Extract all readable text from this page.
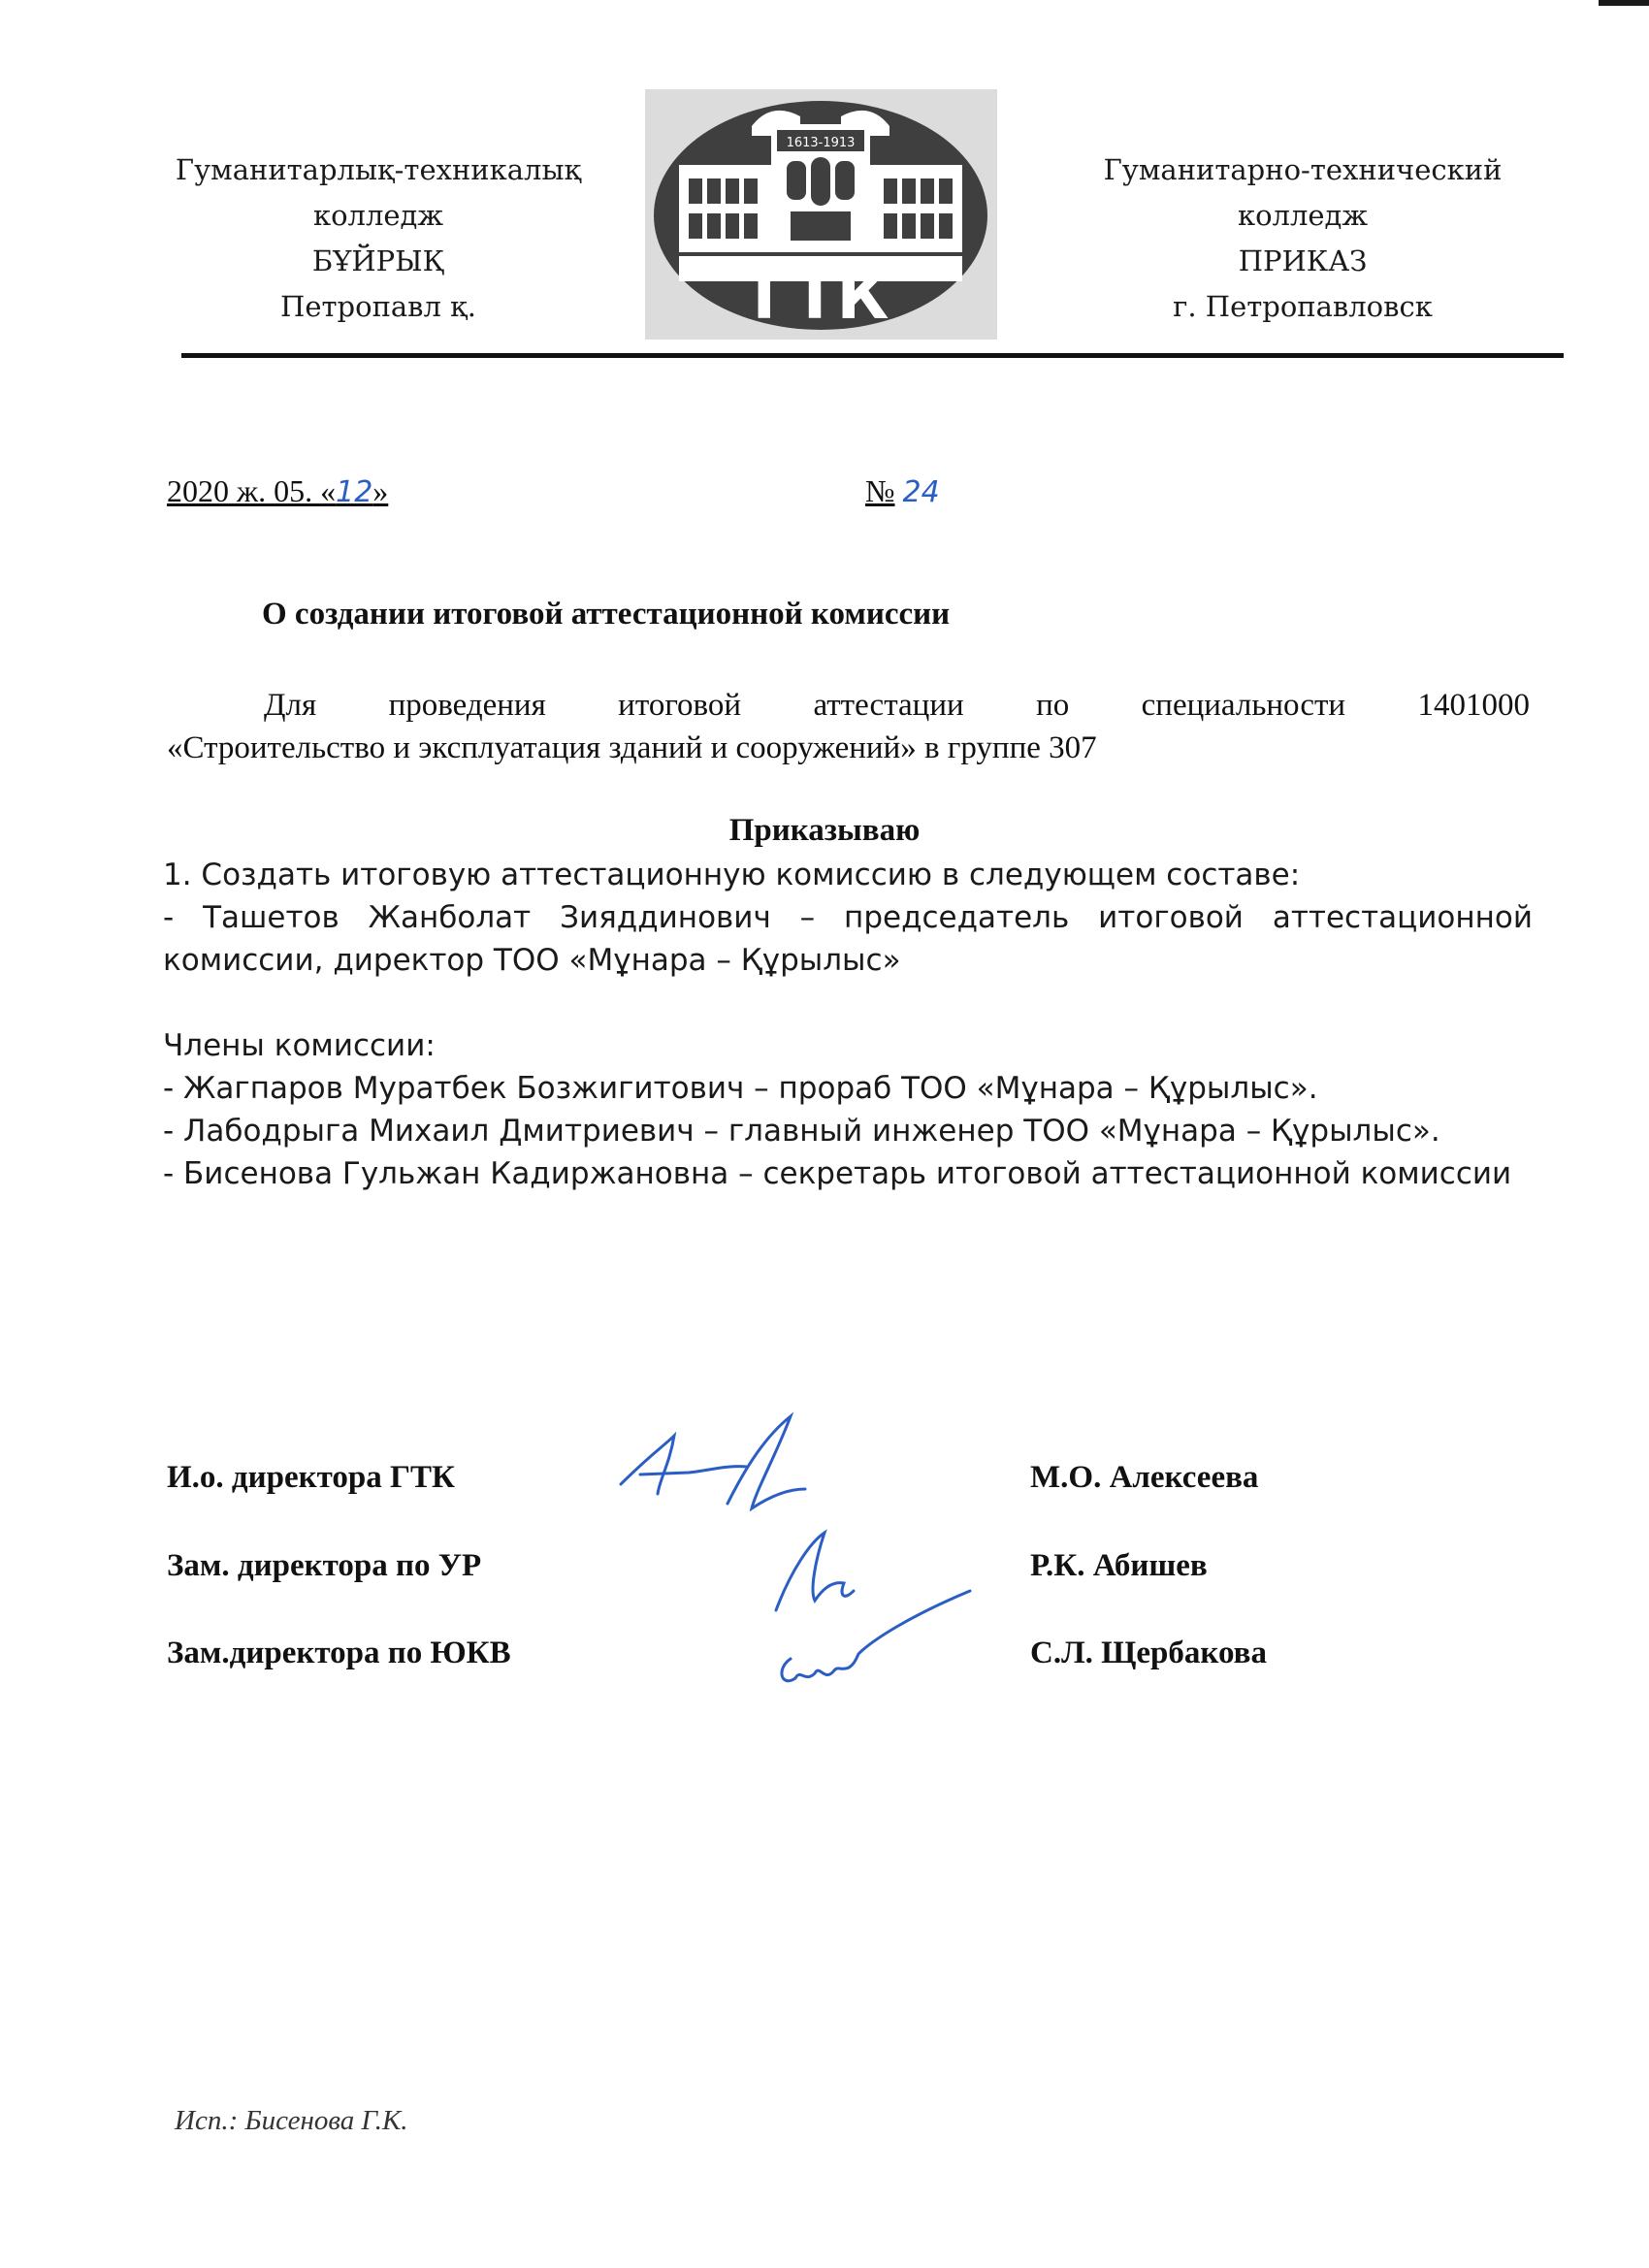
Гуманитарлық-техникалық
колледж
БҰЙРЫҚ
Петропавл қ.
1613-1913
ГТК
Гуманитарно-технический
колледж
ПРИКАЗ
г. Петропавловск
2020 ж. 05. «12»	№ 24
О создании итоговой аттестационной комиссии
Для проведения итоговой аттестации по специальности 1401000
«Строительство и эксплуатация зданий и сооружений» в группе 307
Приказываю

1. Создать итоговую аттестационную комиссию в следующем составе:

- Ташетов Жанболат Зияддинович – председатель итоговой аттестационной

комиссии, директор ТОО «Мұнара – Құрылыс»

Члены комиссии:

- Жагпаров Муратбек Бозжигитович – прораб ТОО «Мұнара – Құрылыс».

- Лабодрыга Михаил Дмитриевич – главный инженер ТОО «Мұнара – Құрылыс».

- Бисенова Гульжан Кадиржановна – секретарь итоговой аттестационной комиссии

И.о. директора ГТК	М.О. Алексеева
Зам. директора по УР	Р.К. Абишев
Зам.директора по ЮКВ	С.Л. Щербакова
Исп.: Бисенова Г.К.
